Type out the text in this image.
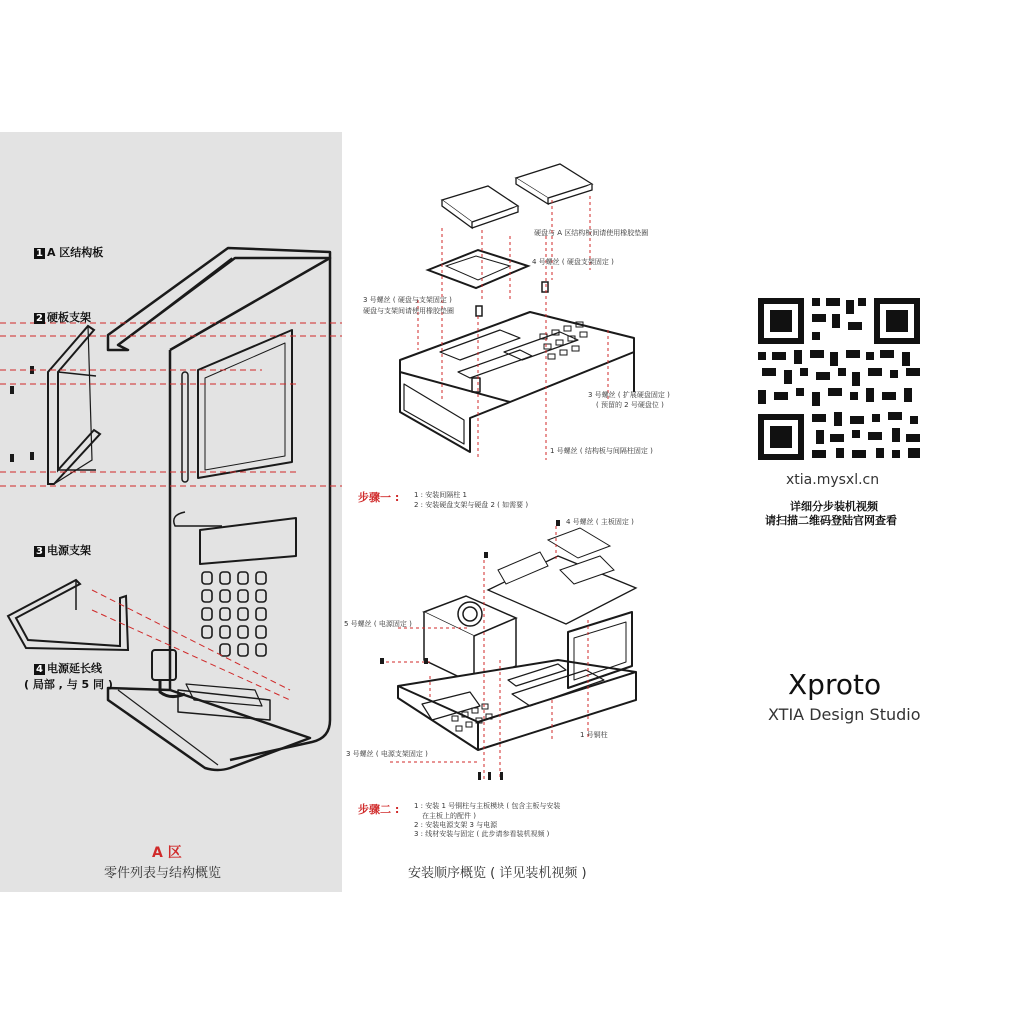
1 A 区结构板
2 硬板支架
3 电源支架
4 电源延长线
( 局部 , 与 5 同 )
A 区
零件列表与结构概览
硬盘与 A 区结构板间请使用橡胶垫圈
4 号螺丝 ( 硬盘支架固定 )
3 号螺丝 ( 硬盘与支架固定 )
硬盘与支架间请使用橡胶垫圈
3 号螺丝 ( 扩展硬盘固定 )
( 预留的 2 号硬盘位 )
1 号螺丝 ( 结构板与间隔柱固定 )
步骤一 : 1 : 安装间隔柱 1
2 : 安装硬盘支架与硬盘 2 ( 如需要 )
4 号螺丝 ( 主板固定 )
5 号螺丝 ( 电源固定 )
1 号铜柱
3 号螺丝 ( 电源支架固定 )
步骤二 : 1 : 安装 1 号铜柱与主板模块 ( 包含主板与安装
在主板上的配件 )
2 : 安装电源支架 3 与电源
3 : 线材安装与固定 ( 此步请参看装机视频 )
安装顺序概览 ( 详见装机视频 )
xtia.mysxl.cn
详细分步装机视频
请扫描二维码登陆官网查看
Xproto
XTIA Design Studio
